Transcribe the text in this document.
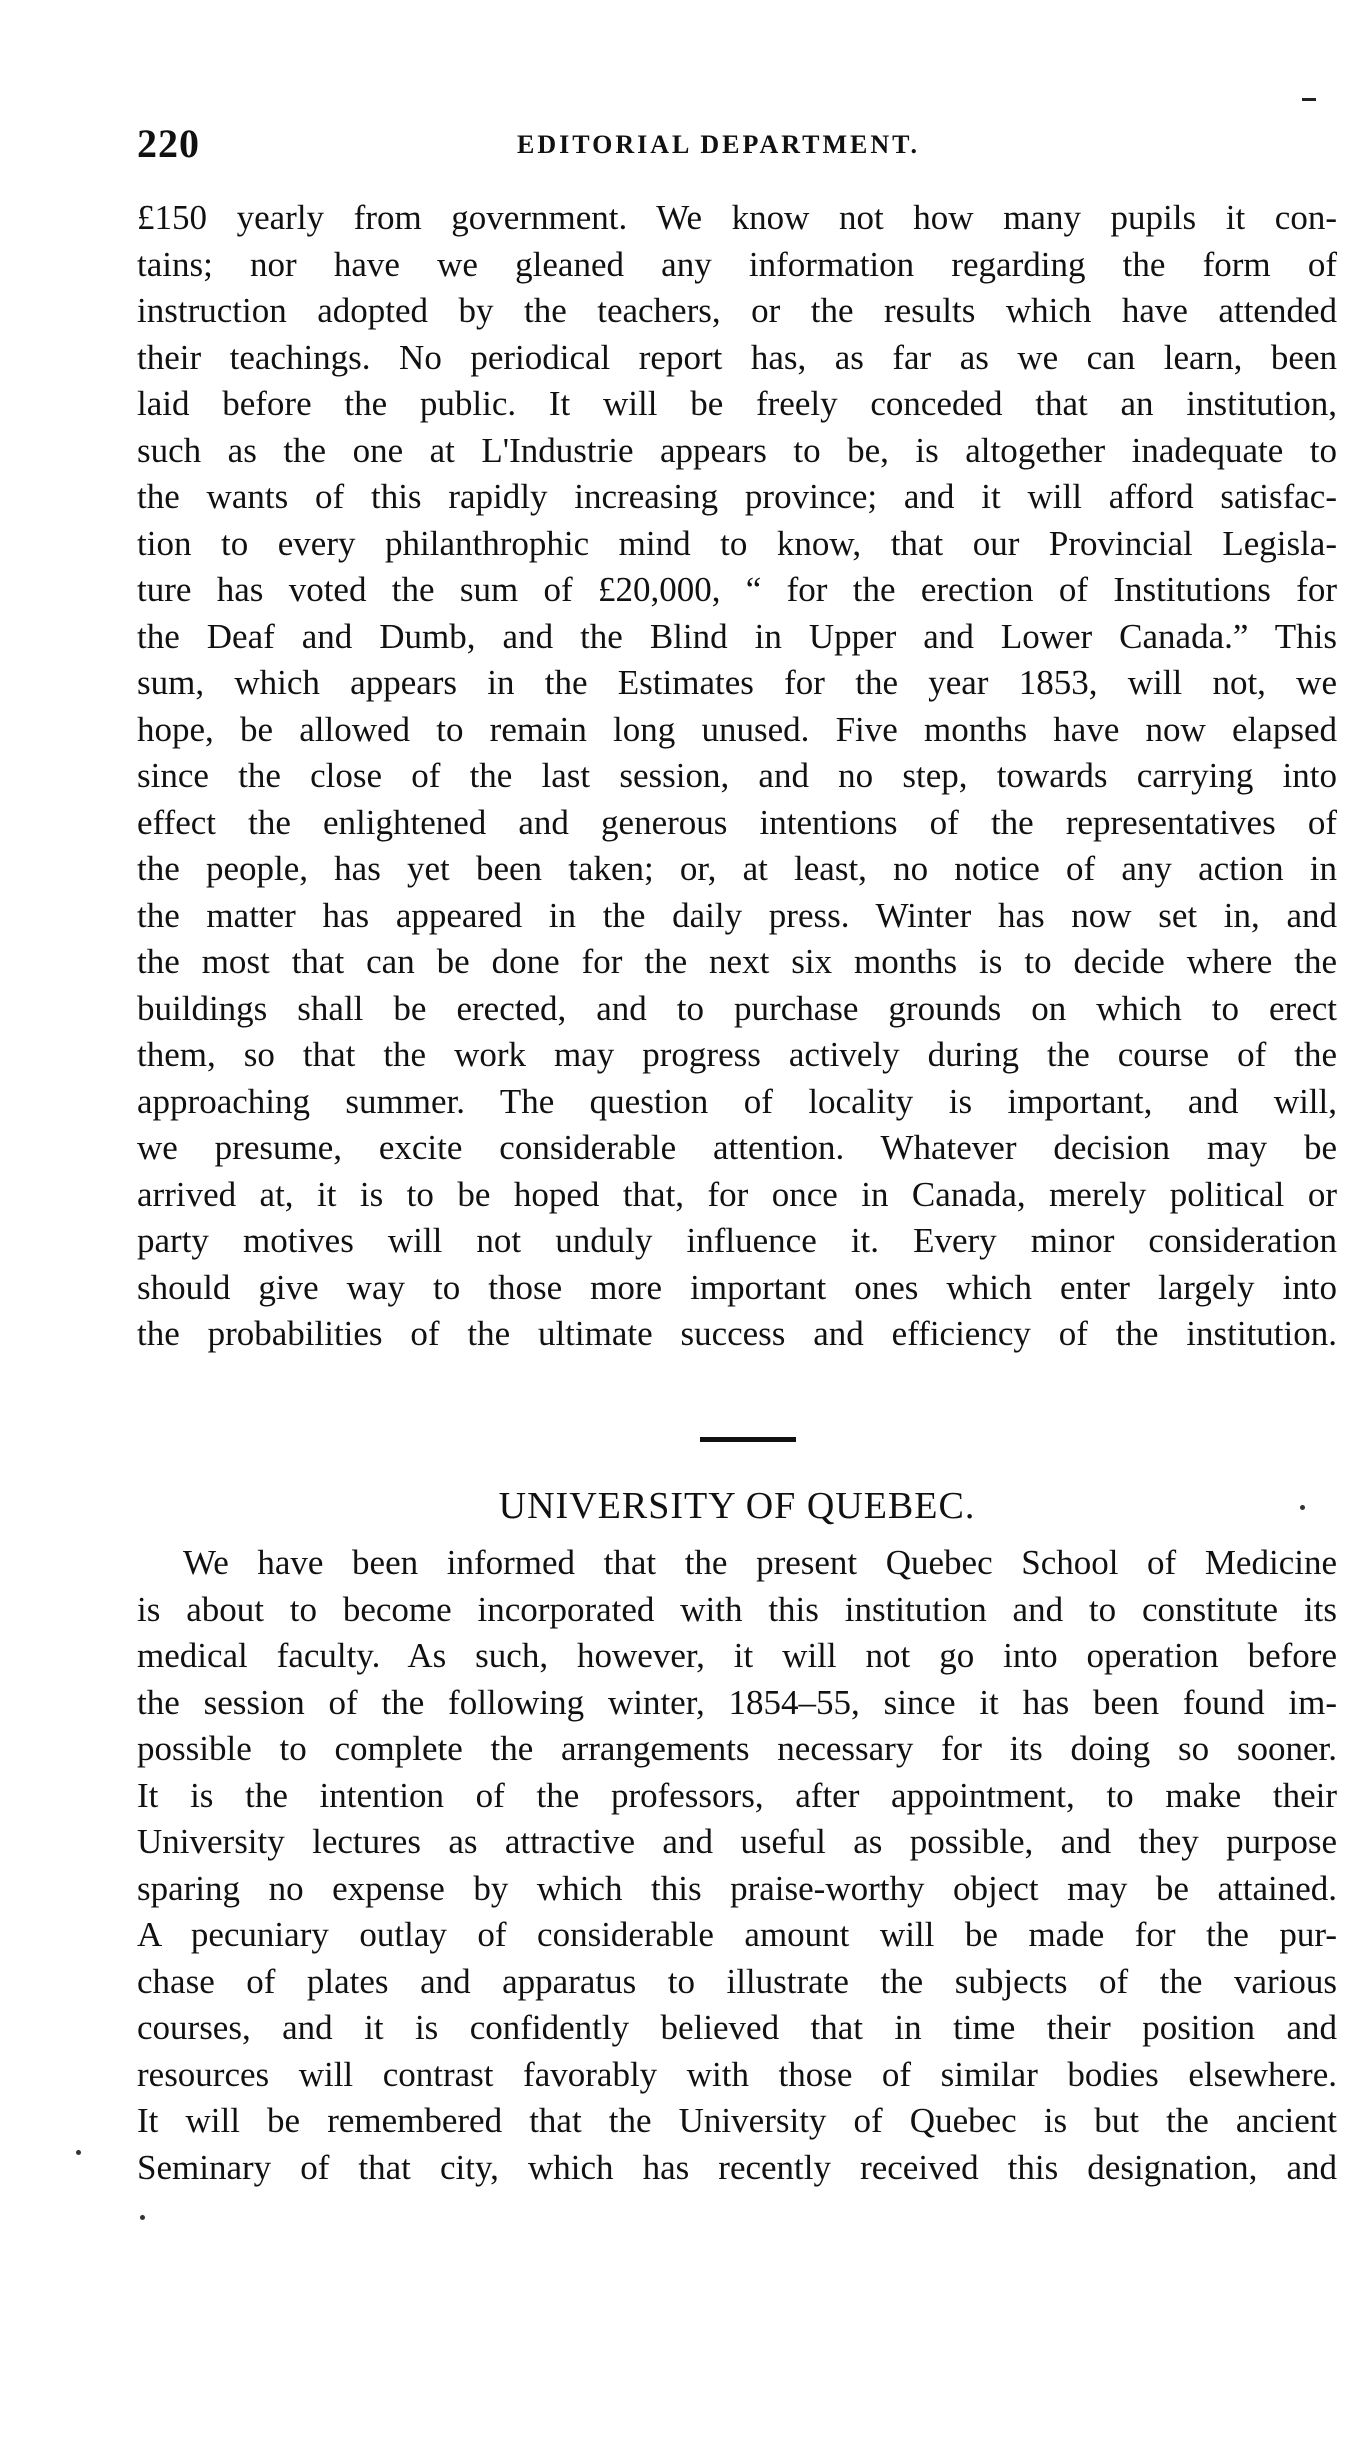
220	EDITORIAL DEPARTMENT.
£150 yearly from government. We know not how many pupils it con-
tains; nor have we gleaned any information regarding the form of
instruction adopted by the teachers, or the results which have attended
their teachings. No periodical report has, as far as we can learn, been
laid before the public. It will be freely conceded that an institution,
such as the one at L'Industrie appears to be, is altogether inadequate to
the wants of this rapidly increasing province; and it will afford satisfac-
tion to every philanthrophic mind to know, that our Provincial Legisla-
ture has voted the sum of £20,000, “ for the erection of Institutions for
the Deaf and Dumb, and the Blind in Upper and Lower Canada.” This
sum, which appears in the Estimates for the year 1853, will not, we
hope, be allowed to remain long unused. Five months have now elapsed
since the close of the last session, and no step, towards carrying into
effect the enlightened and generous intentions of the representatives of
the people, has yet been taken; or, at least, no notice of any action in
the matter has appeared in the daily press. Winter has now set in, and
the most that can be done for the next six months is to decide where the
buildings shall be erected, and to purchase grounds on which to erect
them, so that the work may progress actively during the course of the
approaching summer. The question of locality is important, and will,
we presume, excite considerable attention. Whatever decision may be
arrived at, it is to be hoped that, for once in Canada, merely political or
party motives will not unduly influence it. Every minor consideration
should give way to those more important ones which enter largely into
the probabilities of the ultimate success and efficiency of the institution.
UNIVERSITY OF QUEBEC.
We have been informed that the present Quebec School of Medicine
is about to become incorporated with this institution and to constitute its
medical faculty. As such, however, it will not go into operation before
the session of the following winter, 1854–55, since it has been found im-
possible to complete the arrangements necessary for its doing so sooner.
It is the intention of the professors, after appointment, to make their
University lectures as attractive and useful as possible, and they purpose
sparing no expense by which this praise-worthy object may be attained.
A pecuniary outlay of considerable amount will be made for the pur-
chase of plates and apparatus to illustrate the subjects of the various
courses, and it is confidently believed that in time their position and
resources will contrast favorably with those of similar bodies elsewhere.
It will be remembered that the University of Quebec is but the ancient
Seminary of that city, which has recently received this designation, and
